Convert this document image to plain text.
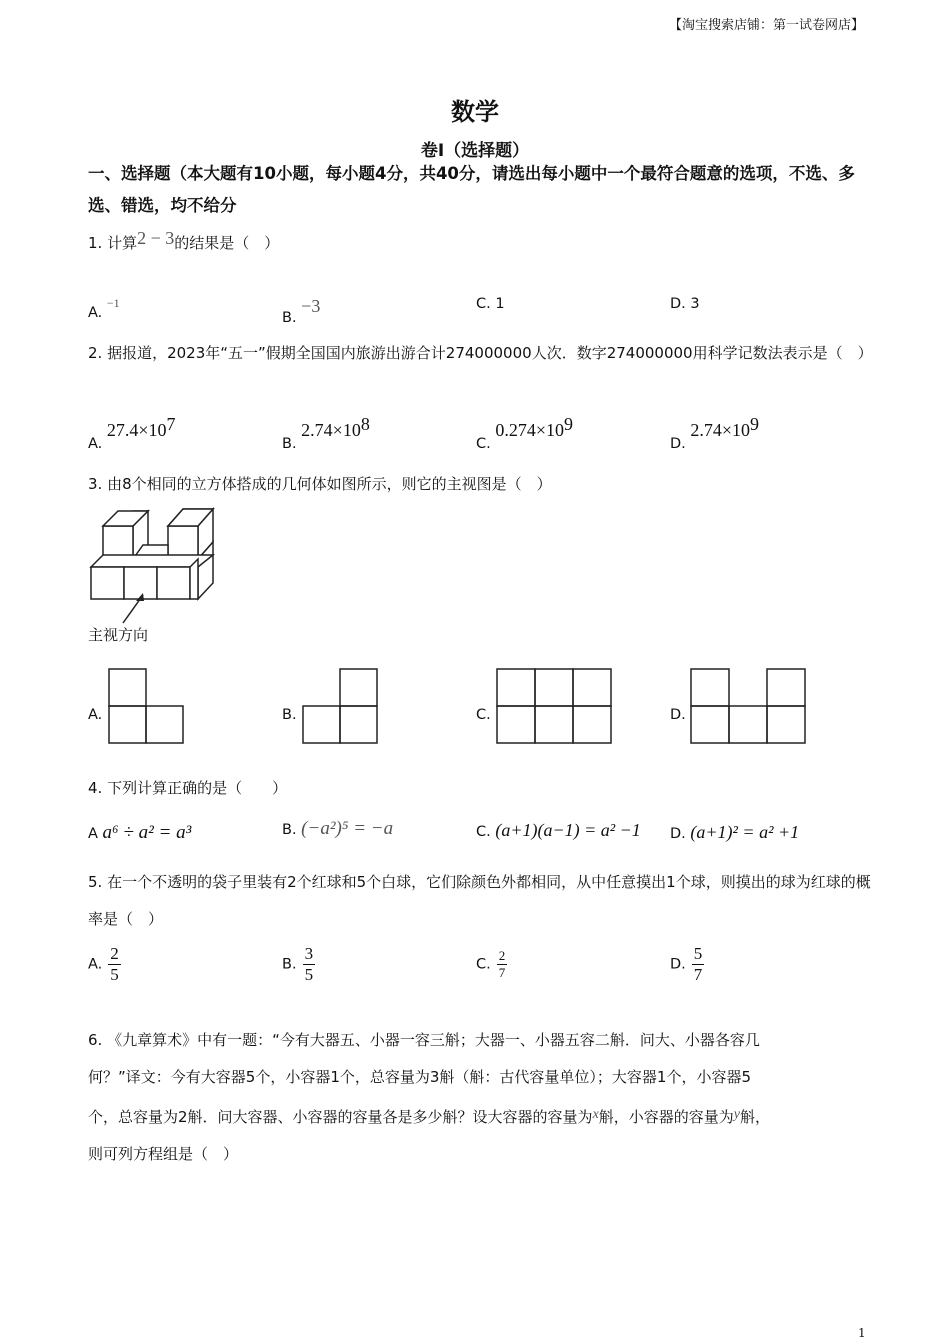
【淘宝搜索店铺：第一试卷网店】
数学
卷Ⅰ（选择题）
一、选择题（本大题有10小题，每小题4分，共40分，请选出每小题中一个最符合题意的选项，不选、多选、错选，均不给分
1. 计算2 − 3的结果是（　）
A. $^{-1}$
B. −3	C. 1	D. 3
2. 据报道，2023年“五一”假期全国国内旅游出游合计274000000人次．数字274000000用科学记数法表示是（　）
A. $27.4\times 10^7$
B. $2.74\times 10^8$
C. $0.274\times 10^9$
D. $2.74\times 10^9$
3. 由8个相同的立方体搭成的几何体如图所示，则它的主视图是（　）
主视方向
A.	B.	C.	D.
4. 下列计算正确的是（　　）
A a⁶ ÷ a² = a³	B. (−a²)⁵ = −a	C. (a+1)(a−1) = a² −1 D. (a+1)² = a² +1
5. 在一个不透明的袋子里装有2个红球和5个白球，它们除颜色外都相同，从中任意摸出1个球，则摸出的球为红球的概率是（　）
A. $\frac{2}{5}$	B. $\frac{3}{5}$	C. $\frac{2}{7}$	D. $\frac{5}{7}$
6. 《九章算术》中有一题：“今有大器五、小器一容三斛；大器一、小器五容二斛．问大、小器各容几
何？”译文：今有大容器5个，小容器1个，总容量为3斛（斛：古代容量单位）；大容器1个，小容器5
个，总容量为2斛．问大容器、小容器的容量各是多少斛？设大容器的容量为x斛，小容器的容量为y斛，
则可列方程组是（　）
1
